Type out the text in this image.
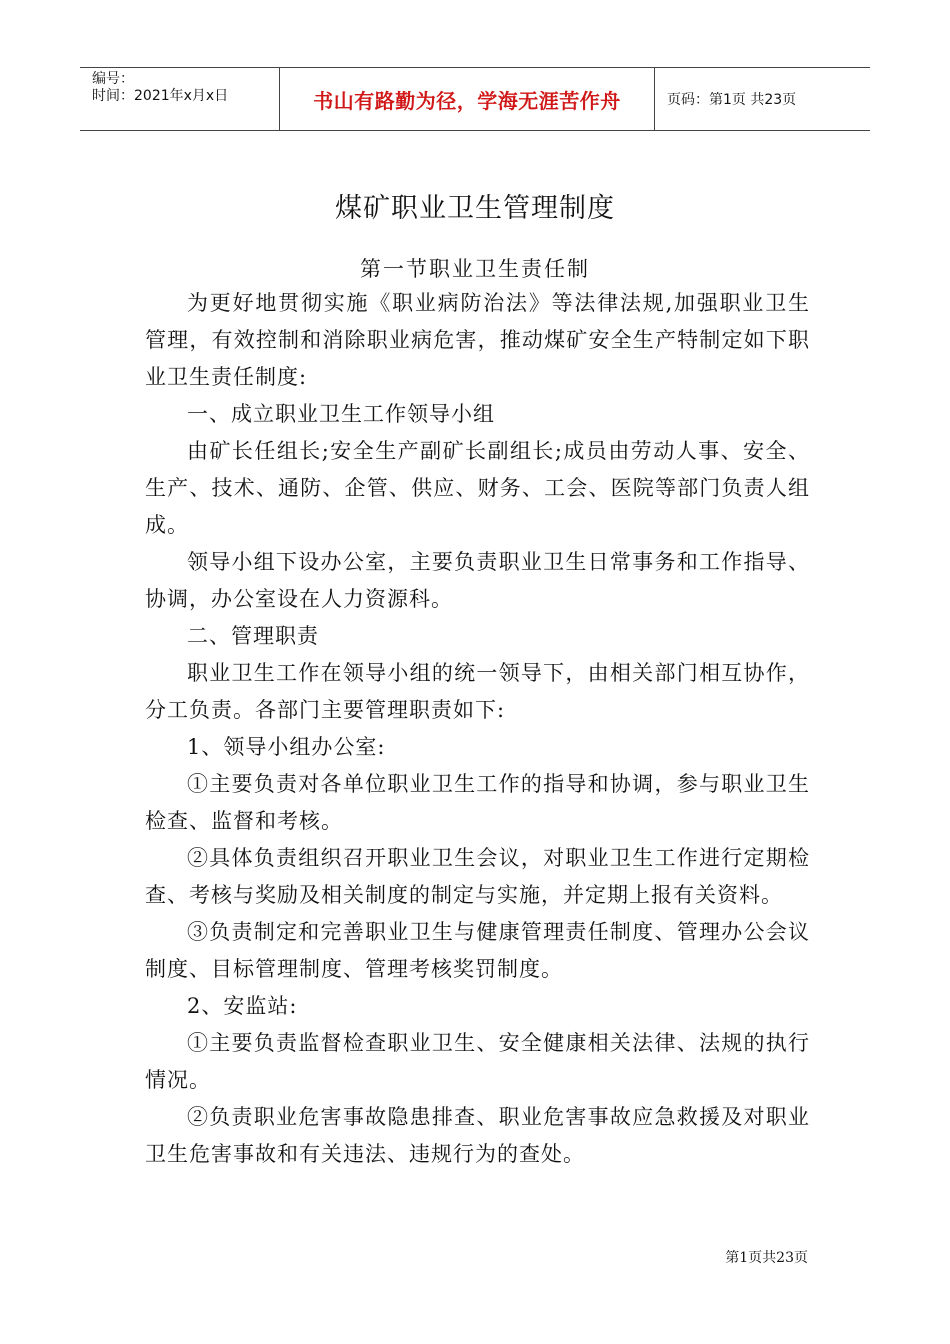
编号：
时间：2021年x月x日	书山有路勤为径，学海无涯苦作舟	页码：第1页 共23页
煤矿职业卫生管理制度
第一节职业卫生责任制

为更好地贯彻实施《职业病防治法》等法律法规,加强职业卫生管理，有效控制和消除职业病危害，推动煤矿安全生产特制定如下职业卫生责任制度:

一、成立职业卫生工作领导小组

由矿长任组长;安全生产副矿长副组长;成员由劳动人事、安全、生产、技术、通防、企管、供应、财务、工会、医院等部门负责人组成。

领导小组下设办公室，主要负责职业卫生日常事务和工作指导、协调，办公室设在人力资源科。

二、管理职责

职业卫生工作在领导小组的统一领导下，由相关部门相互协作，分工负责。各部门主要管理职责如下:

1、领导小组办公室:

①主要负责对各单位职业卫生工作的指导和协调，参与职业卫生检查、监督和考核。

②具体负责组织召开职业卫生会议，对职业卫生工作进行定期检查、考核与奖励及相关制度的制定与实施，并定期上报有关资料。

③负责制定和完善职业卫生与健康管理责任制度、管理办公会议制度、目标管理制度、管理考核奖罚制度。

2、安监站:

①主要负责监督检查职业卫生、安全健康相关法律、法规的执行情况。

②负责职业危害事故隐患排查、职业危害事故应急救援及对职业卫生危害事故和有关违法、违规行为的查处。

第1页共23页
